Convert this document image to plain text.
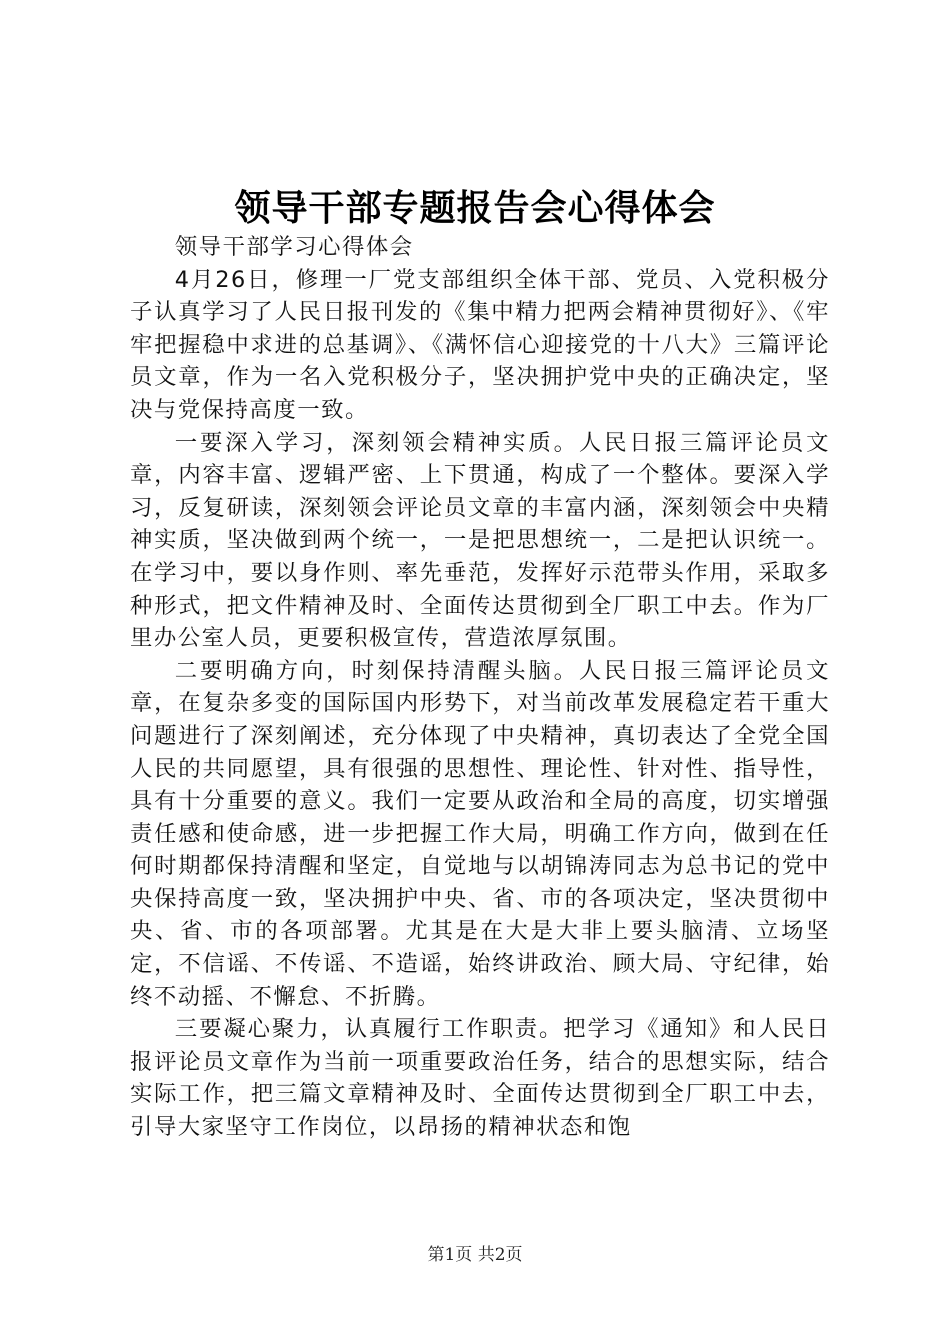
领导干部专题报告会心得体会

领导干部学习心得体会

4月26日，修理一厂党支部组织全体干部、党员、入党积极分子认真学习了人民日报刊发的《集中精力把两会精神贯彻好》、《牢牢把握稳中求进的总基调》、《满怀信心迎接党的十八大》三篇评论员文章，作为一名入党积极分子，坚决拥护党中央的正确决定，坚决与党保持高度一致。

一要深入学习，深刻领会精神实质。人民日报三篇评论员文章，内容丰富、逻辑严密、上下贯通，构成了一个整体。要深入学习，反复研读，深刻领会评论员文章的丰富内涵，深刻领会中央精神实质，坚决做到两个统一，一是把思想统一，二是把认识统一。在学习中，要以身作则、率先垂范，发挥好示范带头作用，采取多种形式，把文件精神及时、全面传达贯彻到全厂职工中去。作为厂里办公室人员，更要积极宣传，营造浓厚氛围。

二要明确方向，时刻保持清醒头脑。人民日报三篇评论员文章，在复杂多变的国际国内形势下，对当前改革发展稳定若干重大问题进行了深刻阐述，充分体现了中央精神，真切表达了全党全国人民的共同愿望，具有很强的思想性、理论性、针对性、指导性，具有十分重要的意义。我们一定要从政治和全局的高度，切实增强责任感和使命感，进一步把握工作大局，明确工作方向，做到在任何时期都保持清醒和坚定，自觉地与以胡锦涛同志为总书记的党中央保持高度一致，坚决拥护中央、省、市的各项决定，坚决贯彻中央、省、市的各项部署。尤其是在大是大非上要头脑清、立场坚定，不信谣、不传谣、不造谣，始终讲政治、顾大局、守纪律，始终不动摇、不懈怠、不折腾。

三要凝心聚力，认真履行工作职责。把学习《通知》和人民日报评论员文章作为当前一项重要政治任务，结合的思想实际，结合实际工作，把三篇文章精神及时、全面传达贯彻到全厂职工中去，引导大家坚守工作岗位，以昂扬的精神状态和饱

第1页 共2页
